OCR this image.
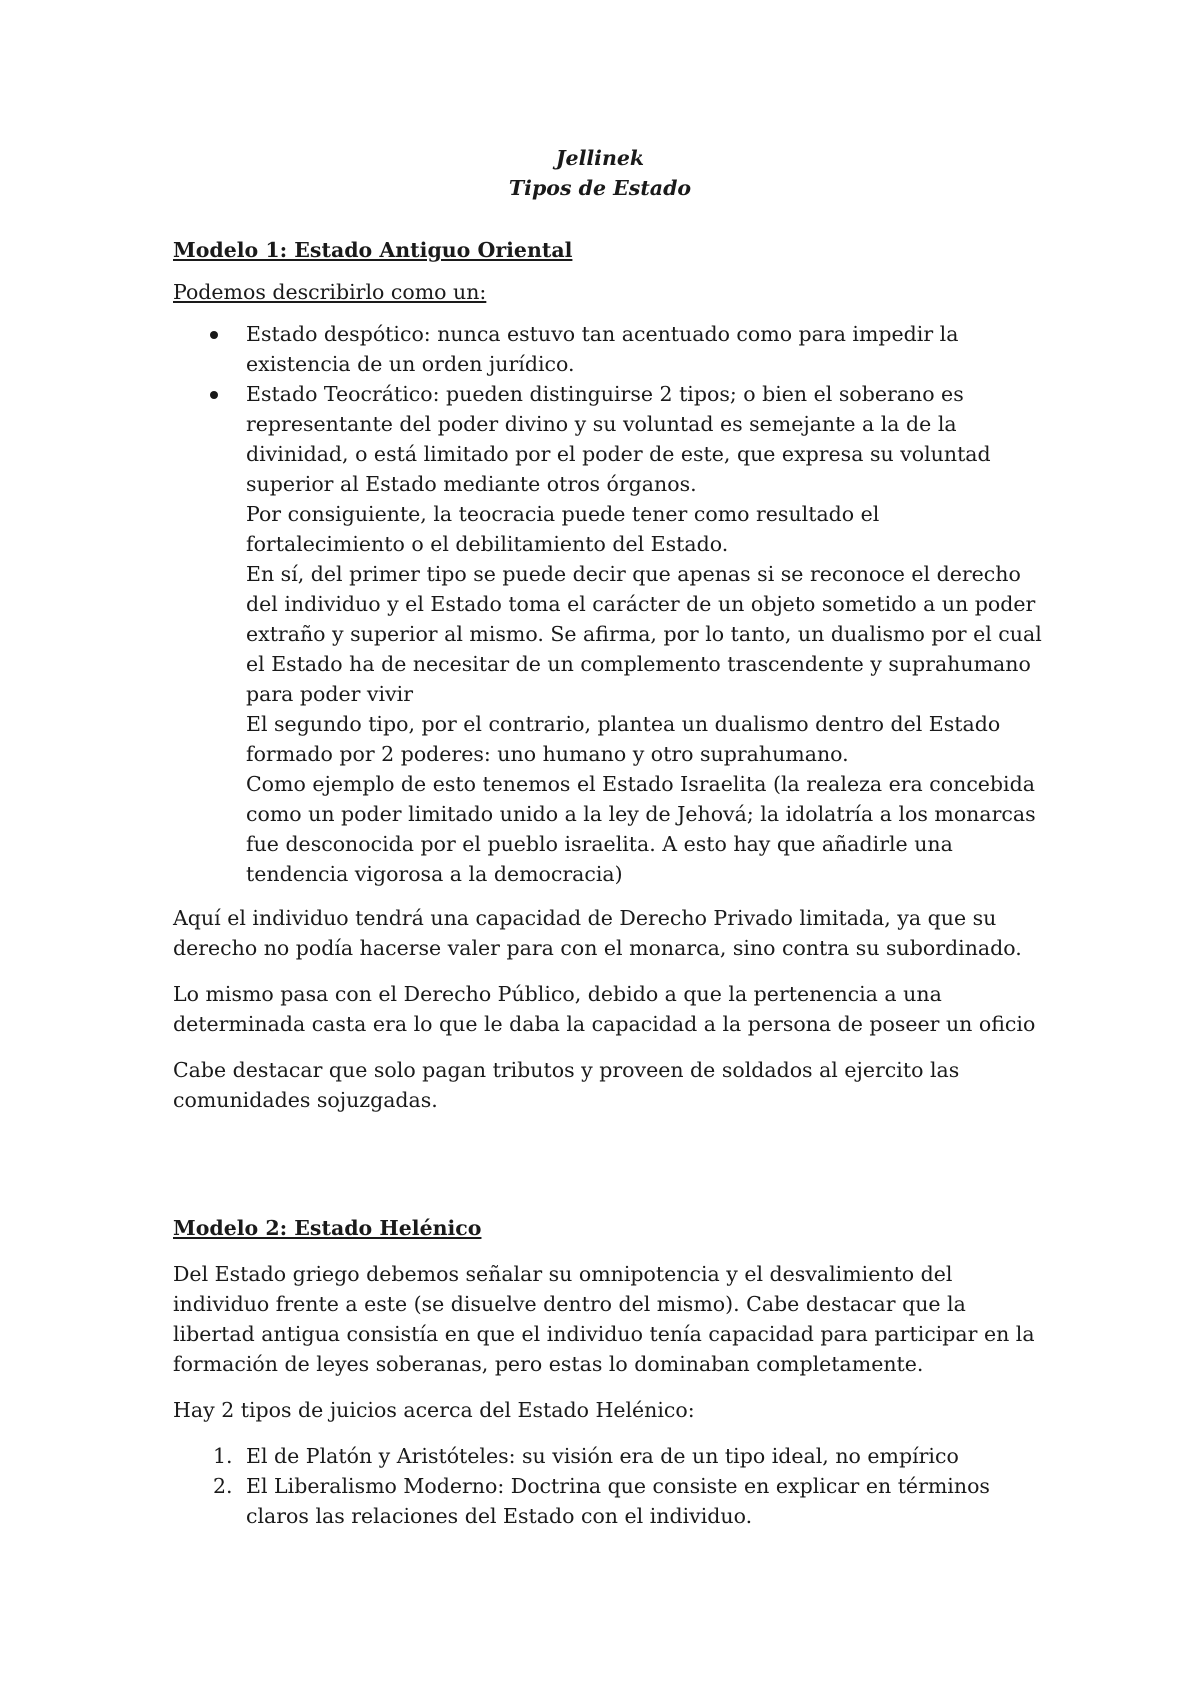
Jellinek
Tipos de Estado

Modelo 1: Estado Antiguo Oriental

Podemos describirlo como un:

Estado despótico: nunca estuvo tan acentuado como para impedir la existencia de un orden jurídico.
Estado Teocrático: pueden distinguirse 2 tipos; o bien el soberano es representante del poder divino y su voluntad es semejante a la de la divinidad, o está limitado por el poder de este, que expresa su voluntad superior al Estado mediante otros órganos.
Por consiguiente, la teocracia puede tener como resultado el fortalecimiento o el debilitamiento del Estado.
En sí, del primer tipo se puede decir que apenas si se reconoce el derecho del individuo y el Estado toma el carácter de un objeto sometido a un poder extraño y superior al mismo. Se afirma, por lo tanto, un dualismo por el cual el Estado ha de necesitar de un complemento trascendente y suprahumano para poder vivir
El segundo tipo, por el contrario, plantea un dualismo dentro del Estado formado por 2 poderes: uno humano y otro suprahumano.
Como ejemplo de esto tenemos el Estado Israelita (la realeza era concebida como un poder limitado unido a la ley de Jehová; la idolatría a los monarcas fue desconocida por el pueblo israelita. A esto hay que añadirle una tendencia vigorosa a la democracia)

Aquí el individuo tendrá una capacidad de Derecho Privado limitada, ya que su derecho no podía hacerse valer para con el monarca, sino contra su subordinado.

Lo mismo pasa con el Derecho Público, debido a que la pertenencia a una determinada casta era lo que le daba la capacidad a la persona de poseer un oficio

Cabe destacar que solo pagan tributos y proveen de soldados al ejercito las comunidades sojuzgadas.

Modelo 2: Estado Helénico

Del Estado griego debemos señalar su omnipotencia y el desvalimiento del individuo frente a este (se disuelve dentro del mismo). Cabe destacar que la libertad antigua consistía en que el individuo tenía capacidad para participar en la formación de leyes soberanas, pero estas lo dominaban completamente.

Hay 2 tipos de juicios acerca del Estado Helénico:

1. El de Platón y Aristóteles: su visión era de un tipo ideal, no empírico
2. El Liberalismo Moderno: Doctrina que consiste en explicar en términos claros las relaciones del Estado con el individuo.
